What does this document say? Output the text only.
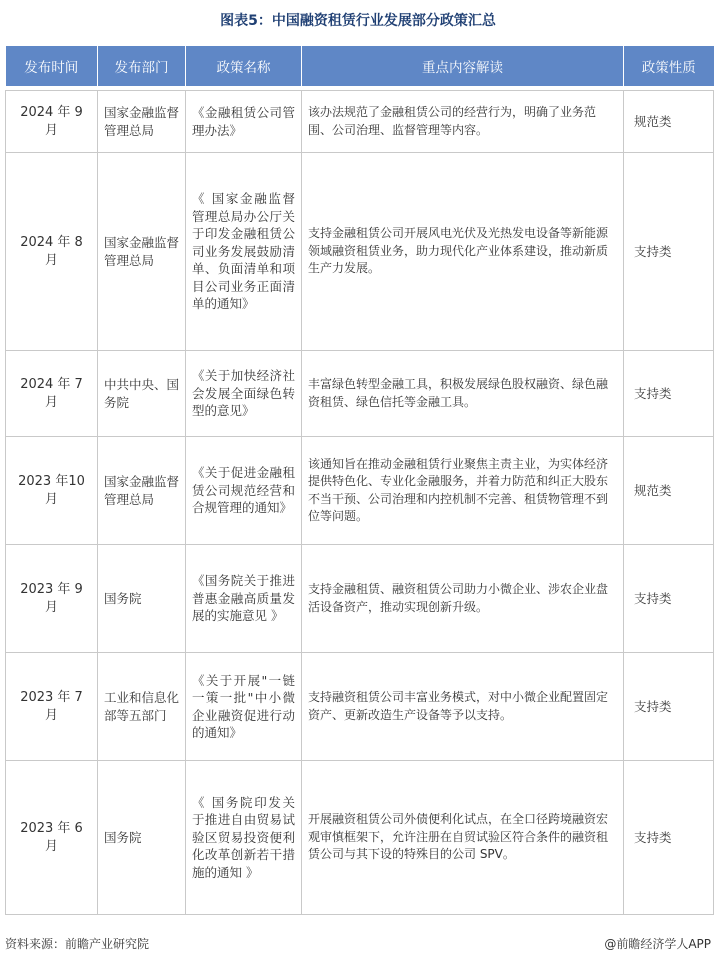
图表5：中国融资租赁行业发展部分政策汇总
发布时间	发布部门	政策名称	重点内容解读	政策性质

2024 年 9 月	国家金融监督管理总局	《金融租赁公司管理办法》	该办法规范了金融租赁公司的经营行为，明确了业务范围、公司治理、监督管理等内容。	规范类
2024 年 8 月	国家金融监督管理总局	《 国家金融监督管理总局办公厅关于印发金融租赁公司业务发展鼓励清单、负面清单和项目公司业务正面清单的通知》	支持金融租赁公司开展风电光伏及光热发电设备等新能源领域融资租赁业务，助力现代化产业体系建设，推动新质生产力发展。	支持类
2024 年 7 月	中共中央、国务院	《关于加快经济社会发展全面绿色转型的意见》	丰富绿色转型金融工具，积极发展绿色股权融资、绿色融资租赁、绿色信托等金融工具。	支持类
2023 年10月	国家金融监督管理总局	《关于促进金融租赁公司规范经营和合规管理的通知》	该通知旨在推动金融租赁行业聚焦主责主业，为实体经济提供特色化、专业化金融服务，并着力防范和纠正大股东不当干预、公司治理和内控机制不完善、租赁物管理不到位等问题。	规范类
2023 年 9 月	国务院	《国务院关于推进普惠金融高质量发展的实施意见 》	支持金融租赁、融资租赁公司助力小微企业、涉农企业盘活设备资产，推动实现创新升级。	支持类
2023 年 7 月	工业和信息化部等五部门	《关于开展"一链一策一批"中小微企业融资促进行动的通知》	支持融资租赁公司丰富业务模式，对中小微企业配置固定资产、更新改造生产设备等予以支持。	支持类
2023 年 6 月	国务院	《 国务院印发关于推进自由贸易试验区贸易投资便利化改革创新若干措施的通知 》	开展融资租赁公司外债便利化试点，在全口径跨境融资宏观审慎框架下，允许注册在自贸试验区符合条件的融资租赁公司与其下设的特殊目的公司 SPV。	支持类
资料来源：前瞻产业研究院	@前瞻经济学人APP
